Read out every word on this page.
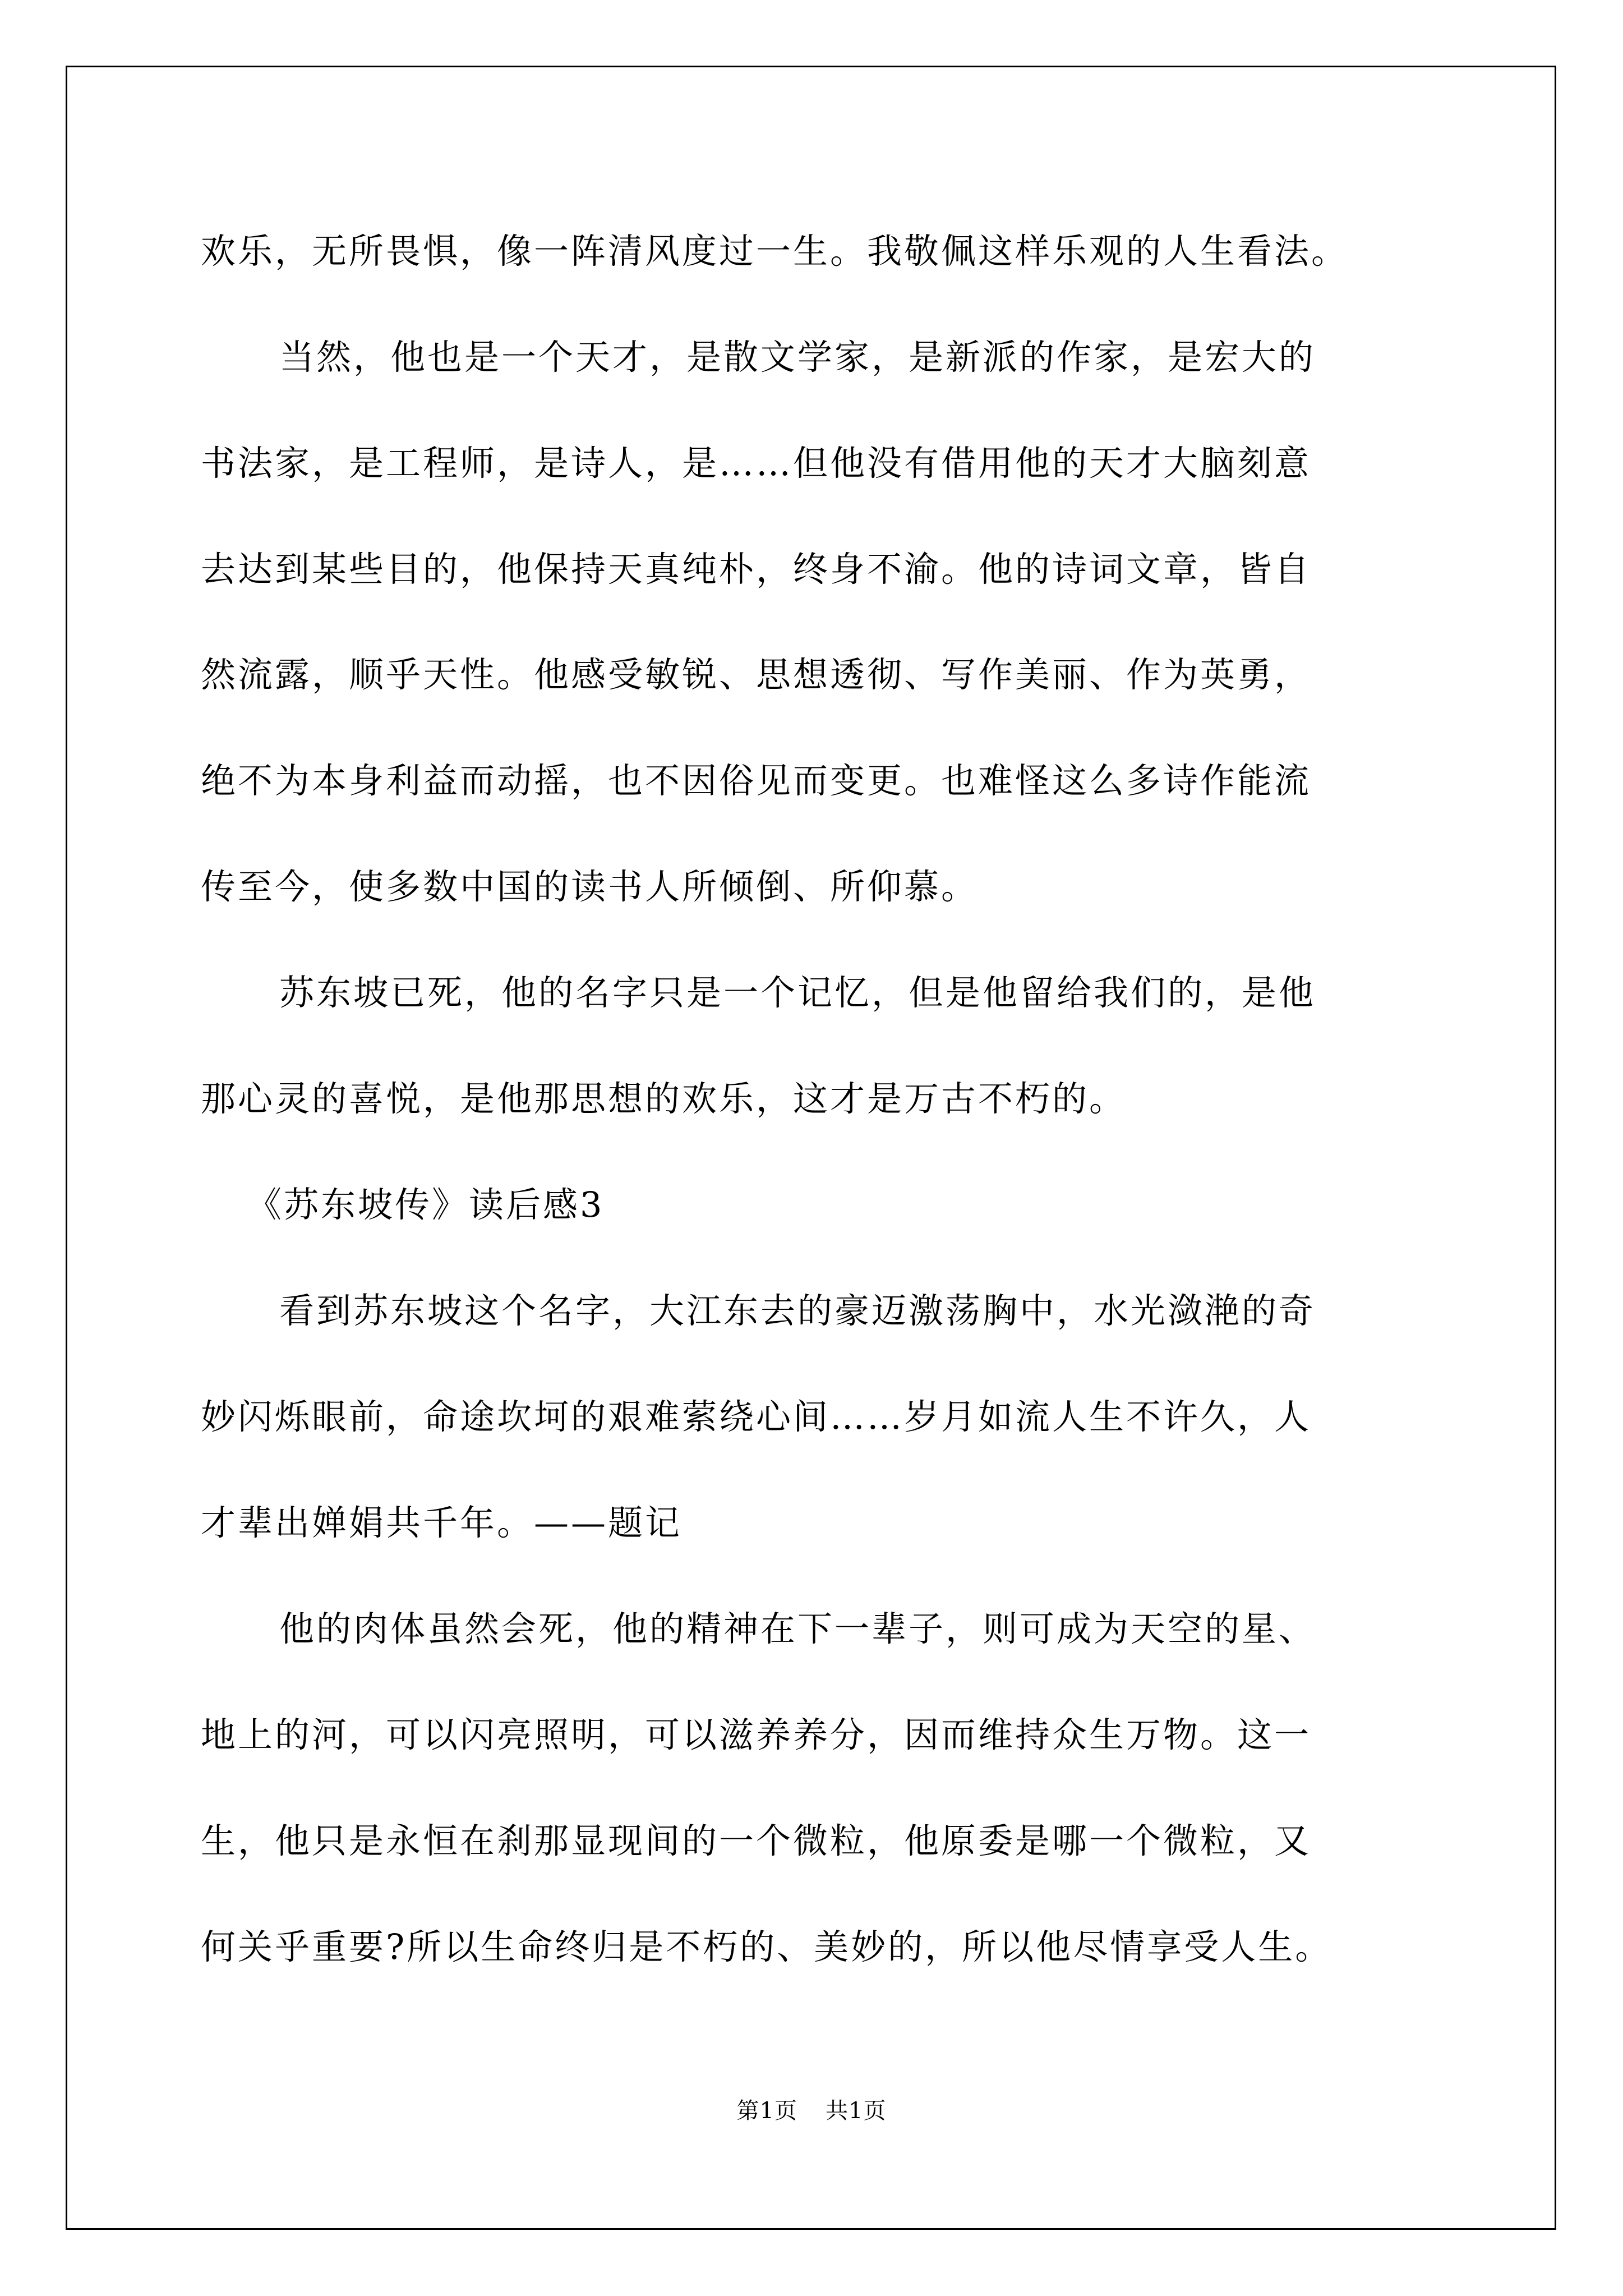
欢乐，无所畏惧，像一阵清风度过一生。我敬佩这样乐观的人生看法。
当然，他也是一个天才，是散文学家，是新派的作家，是宏大的
书法家，是工程师，是诗人，是……但他没有借用他的天才大脑刻意
去达到某些目的，他保持天真纯朴，终身不渝。他的诗词文章，皆自
然流露，顺乎天性。他感受敏锐、思想透彻、写作美丽、作为英勇，
绝不为本身利益而动摇，也不因俗见而变更。也难怪这么多诗作能流
传至今，使多数中国的读书人所倾倒、所仰慕。
苏东坡已死，他的名字只是一个记忆，但是他留给我们的，是他
那心灵的喜悦，是他那思想的欢乐，这才是万古不朽的。
《苏东坡传》读后感3
看到苏东坡这个名字，大江东去的豪迈激荡胸中，水光潋滟的奇
妙闪烁眼前，命途坎坷的艰难萦绕心间……岁月如流人生不许久，人
才辈出婵娟共千年。——题记
他的肉体虽然会死，他的精神在下一辈子，则可成为天空的星、
地上的河，可以闪亮照明，可以滋养养分，因而维持众生万物。这一
生，他只是永恒在刹那显现间的一个微粒，他原委是哪一个微粒，又
何关乎重要?所以生命终归是不朽的、美妙的，所以他尽情享受人生。
第1页 共1页
